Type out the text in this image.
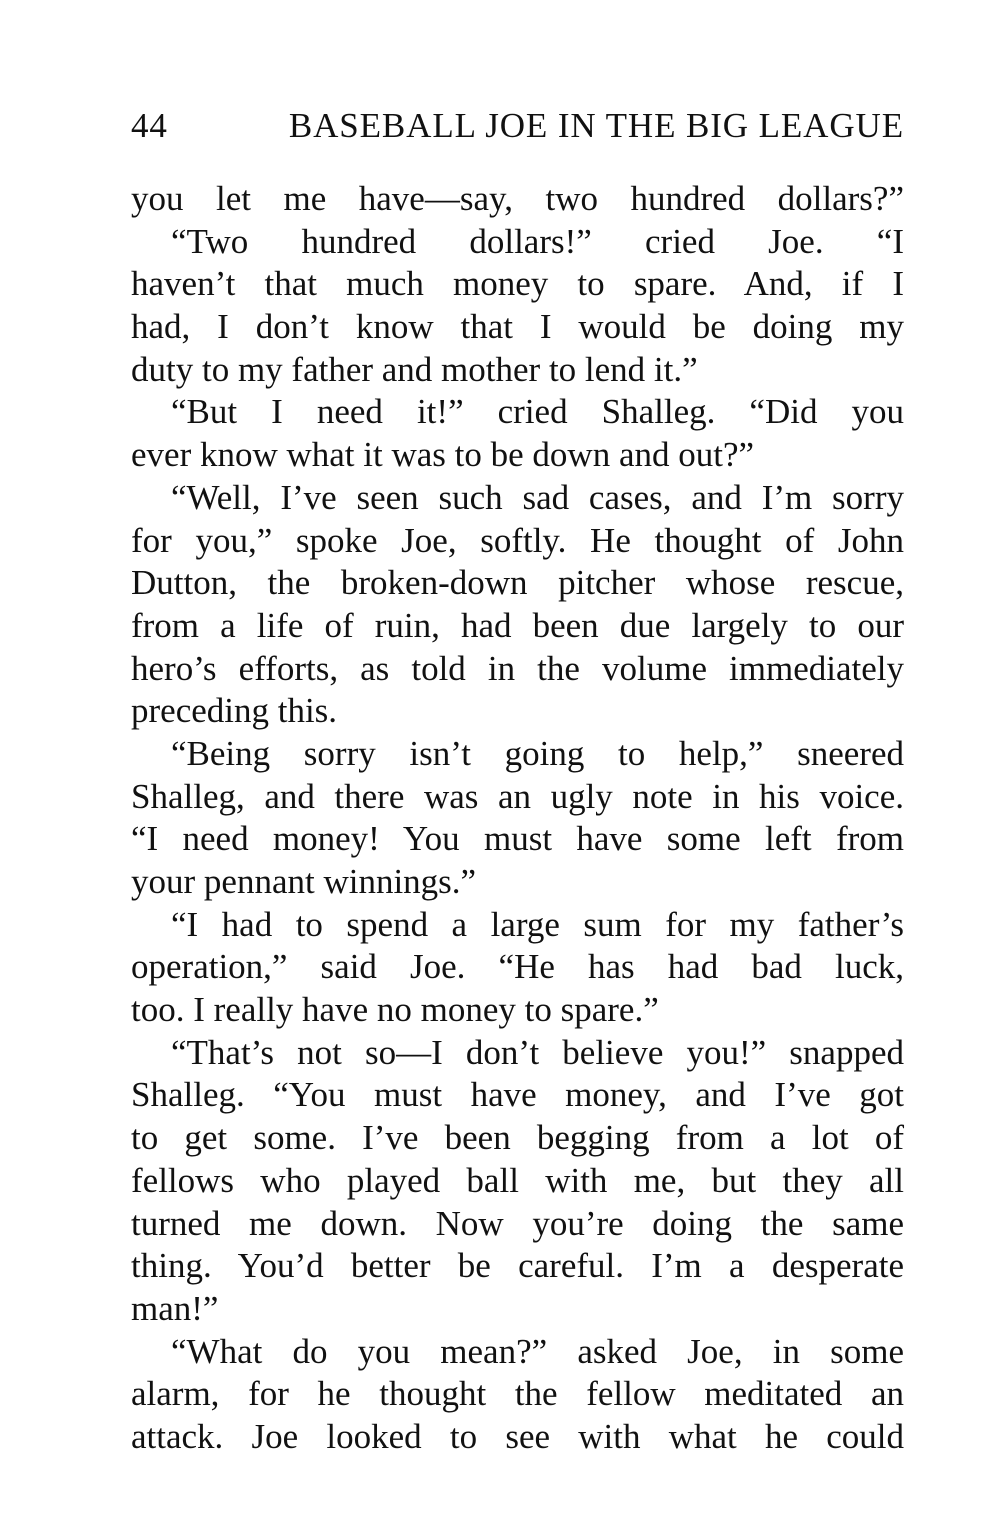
44	BASEBALL JOE IN THE BIG LEAGUE
you let me have—say, two hundred dollars?”
“Two hundred dollars!” cried Joe. “I
haven’t that much money to spare. And, if I
had, I don’t know that I would be doing my
duty to my father and mother to lend it.”
“But I need it!” cried Shalleg. “Did you
ever know what it was to be down and out?”
“Well, I’ve seen such sad cases, and I’m sorry
for you,” spoke Joe, softly. He thought of John
Dutton, the broken-down pitcher whose rescue,
from a life of ruin, had been due largely to our
hero’s efforts, as told in the volume immediately
preceding this.
“Being sorry isn’t going to help,” sneered
Shalleg, and there was an ugly note in his voice.
“I need money! You must have some left from
your pennant winnings.”
“I had to spend a large sum for my father’s
operation,” said Joe. “He has had bad luck,
too. I really have no money to spare.”
“That’s not so—I don’t believe you!” snapped
Shalleg. “You must have money, and I’ve got
to get some. I’ve been begging from a lot of
fellows who played ball with me, but they all
turned me down. Now you’re doing the same
thing. You’d better be careful. I’m a desperate
man!”
“What do you mean?” asked Joe, in some
alarm, for he thought the fellow meditated an
attack. Joe looked to see with what he could
